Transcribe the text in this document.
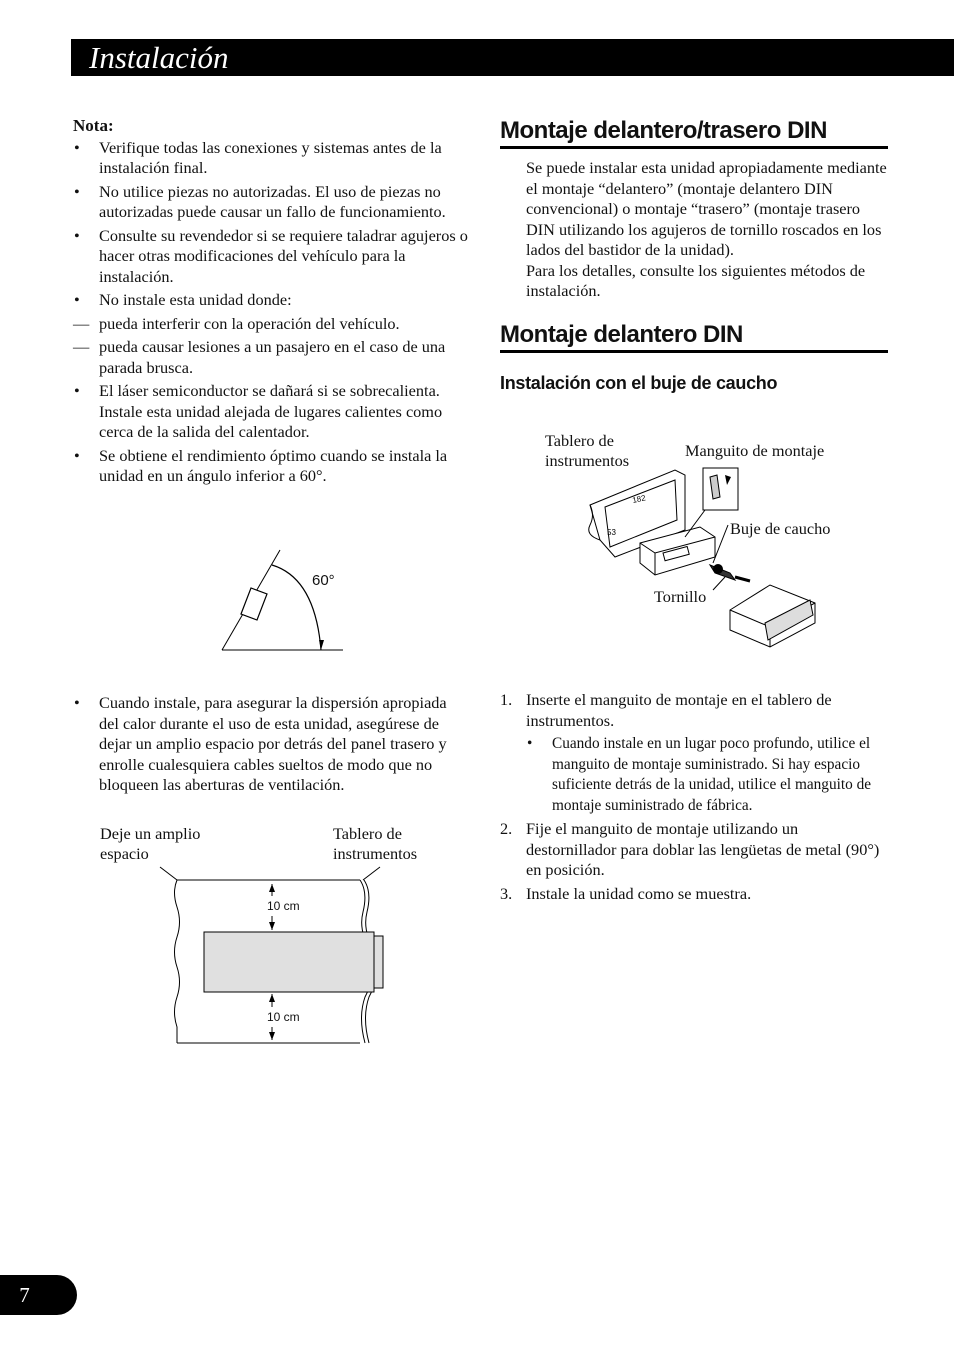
Instalación
Nota:
• Verifique todas las conexiones y sistemas antes de la instalación final.
• No utilice piezas no autorizadas. El uso de piezas no autorizadas puede causar un fallo de funcionamiento.
• Consulte su revendedor si se requiere taladrar agujeros o hacer otras modificaciones del vehículo para la instalación.
• No instale esta unidad donde:
— pueda interferir con la operación del vehículo.
— pueda causar lesiones a un pasajero en el caso de una parada brusca.
• El láser semiconductor se dañará si se sobrecalienta. Instale esta unidad alejada de lugares calientes como cerca de la salida del calentador.
• Se obtiene el rendimiento óptimo cuando se instala la unidad en un ángulo inferior a 60°.
60°
• Cuando instale, para asegurar la dispersión apropiada del calor durante el uso de esta unidad, asegúrese de dejar un amplio espacio por detrás del panel trasero y enrolle cualesquiera cables sueltos de modo que no bloqueen las aberturas de ventilación.
Deje un amplio espacio
Tablero de instrumentos
10 cm
10 cm
Montaje delantero/trasero DIN
Se puede instalar esta unidad apropiadamente mediante el montaje “delantero” (montaje delantero DIN convencional) o montaje “trasero” (montaje trasero DIN utilizando los agujeros de tornillo roscados en los lados del bastidor de la unidad).
Para los detalles, consulte los siguientes métodos de instalación.
Montaje delantero DIN
Instalación con el buje de caucho
Tablero de instrumentos
Manguito de montaje
Buje de caucho
Tornillo
182
53
1. Inserte el manguito de montaje en el tablero de instrumentos.
• Cuando instale en un lugar poco profundo, utilice el manguito de montaje suministrado. Si hay espacio suficiente detrás de la unidad, utilice el manguito de montaje suministrado de fábrica.
2. Fije el manguito de montaje utilizando un destornillador para doblar las lengüetas de metal (90°) en posición.
3. Instale la unidad como se muestra.
7
